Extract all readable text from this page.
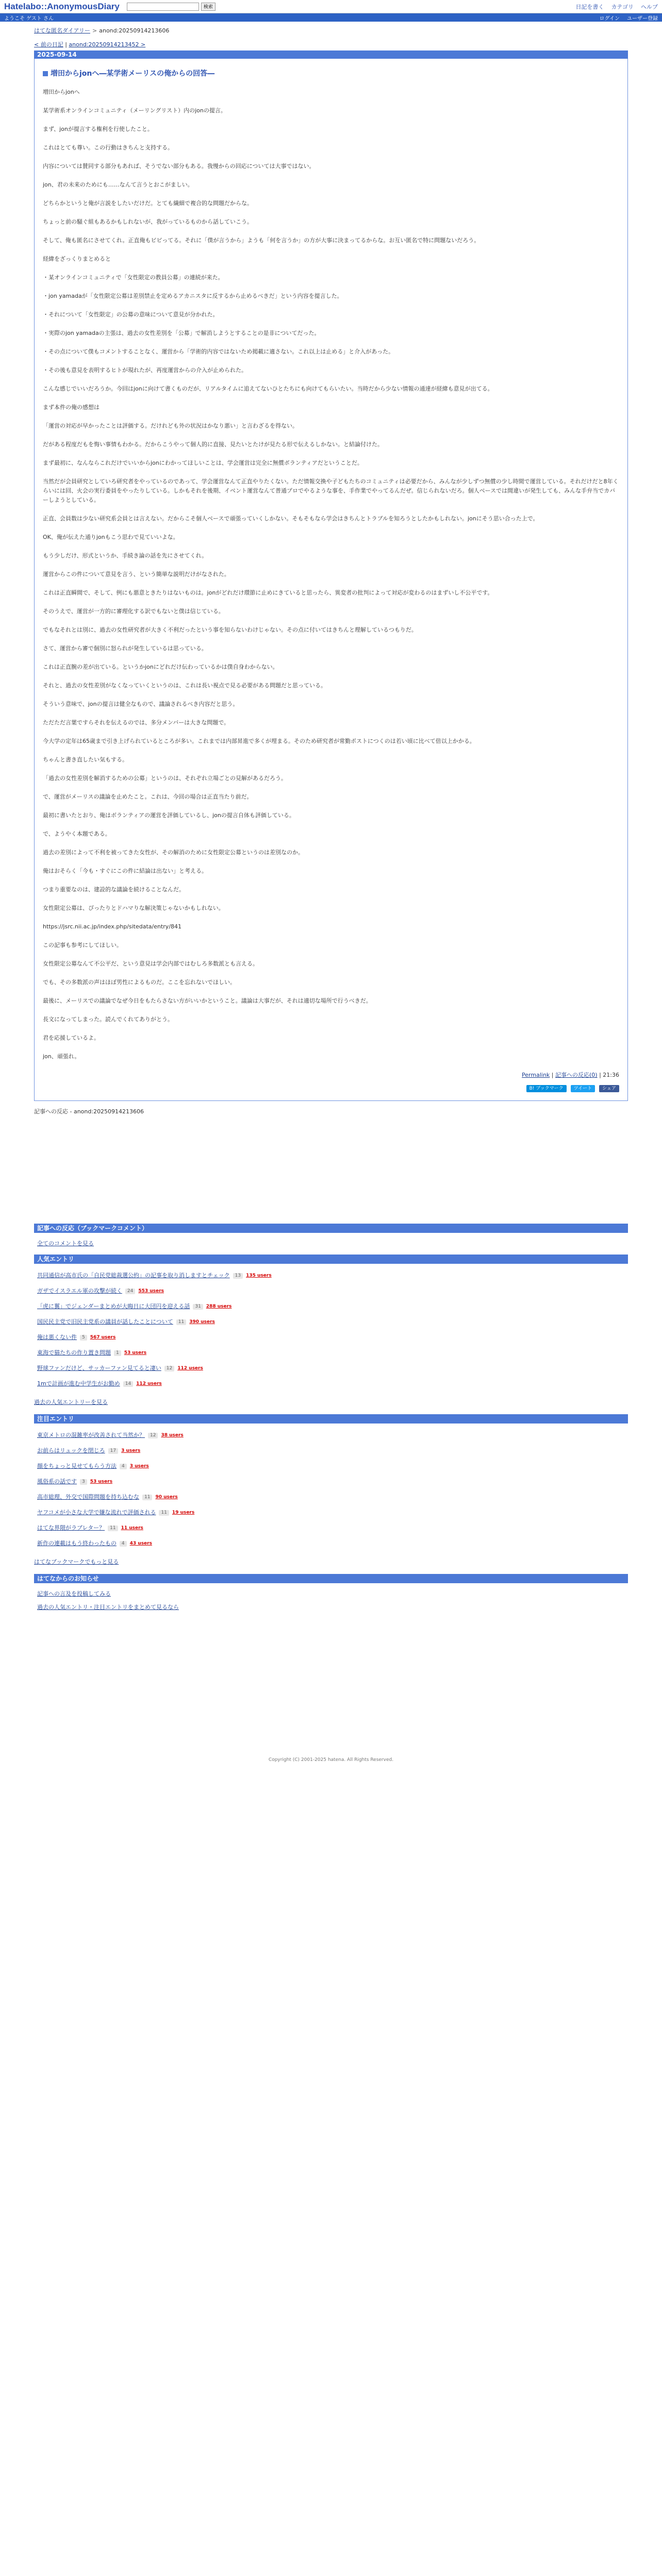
Hatelabo::AnonymousDiary	検索	日記を書く カテゴリ ヘルプ
ようこそ ゲスト さん	ログイン ユーザー登録
はてな匿名ダイアリー > anond:20250914213606
< 前の日記 | anond:20250914213452 >
2025-09-14
増田からjonへ―某学術メーリスの俺からの回答―

増田からjonへ

某学術系オンラインコミュニティ（メーリングリスト）内のjonの提言。

まず、jonが提言する権利を行使したこと。

これはとても尊い。この行動はきちんと支持する。

内容については賛同する部分もあれば、そうでない部分もある。我慢からの回応については大事ではない。

jon、君の未来のためにも……なんて言うとおこがましい。

どちらかというと俺が言説をしたいだけだ。とても繊細で複合的な問題だからな。

ちょっと前の騒ぐ組もあるかもしれないが、我がっているものから話していこう。

そして、俺も匿名にさせてくれ。正直俺もビビってる。それに「僕が言うから」ようも「何を言うか」の方が大事に決まってるからな。お互い匿名で特に問題ないだろう。

経緯をざっくりまとめると

・某オンラインコミュニティで「女性限定の教員公募」の連続が来た。

・jon yamadaが「女性限定公募は差別禁止を定めるアカニスタに反するから止めるべきだ」という内容を提言した。

・それについて「女性限定」の公募の意味について意見が分かれた。

・実際のjon yamadaの主張は、過去の女性差別を「公募」で解消しようとすることの是非についてだった。

・その点について僕もコメントすることなく、運営から「学術的内容ではないため掲載に適さない。これ以上は止める」と介入があった。

・その後も意見を表明するヒトが現れたが、再度運営からの介入が止められた。

こんな感じでいいだろうか。今回はjonに向けて書くものだが、リアルタイムに追えてないひとたちにも向けてもらいたい。当時だから少ない情報の通達が経緯も意見が出てる。

まず本件の俺の感想は

「運営の対応が早かったことは評価する。だけれども外の状況はかなり悪い」と言わざるを得ない。

だがある程度だもを悔い事情もわかる。だからこうやって個人的に直接、見たいとたけが見たる形で伝えるしかない。と結論付けた。

まず最初に、なんならこれだけでいいからjonにわかってほしいことは、学会運営は完全に無償ボランティアだということだ。

当然だが会員研究としていろ研究者をやっているのであって、学会運営なんて正直やりたくない。ただ情報交換や子どもたちのコミュニティは必要だから、みんなが少しずつ無償の少し時間で運営している。それだけだと8年くらいには回、火会の実行委員をやったりしている。しかもそれを後期、イベント運営なんて普通プロでやるような事を、手作業でやってるんだぜ。信じられないだろ。個人ベースでは間違いが発生しても、みんな手弁当でカバーしようとしている。

正直、会員数は少ない研究系会員とは言えない。だからこそ個人ベースで頑張っていくしかない。そもそもなら学会はきちんとトラブルを知ろうとしたかもしれない。jonにそう思い合った上で。

OK、俺が伝えた通りjonもこう思わで見ていいよな。

もう少しだけ、形式というか、手続き論の話を先にさせてくれ。

運営からこの件について意見を言う、という簡単な説明だけがなされた。

これは正直瞬間で、そして、例にも悪意ときたりはないものは。jonがどれだけ環節に止めにきていると思ったら、異変者の批判によって対応が変わるのはまずいし不公平です。

そのうえで、運営が一方的に審理化する訳でもないと僕は信じている。

でもなそれとは別に、過去の女性研究者が大きく不利だったという事を知らないわけじゃない。その点に付いてはきちんと理解しているつもりだ。

さて、運営から審で個別に怒られが発生しているは思っている。

これは正直腕の差が出ている。というかjonにどれだけ伝わっているかは僕自身わからない。

それと、過去の女性差別がなくなっていくというのは、これは長い視点で見る必要がある問題だと思っている。

そういう意味で、jonの提言は健全なもので、議論されるべき内容だと思う。

ただただ言葉ですらそれを伝えるのでは、多分メンバーは大きな問題で。

今大学の定年は65歳まで引き上げられているところが多い。これまでは内部昇進で多くが埋まる。そのため研究者が常勤ポストにつくのは若い頃に比べて倍以上かかる。

ちゃんと書き直したい気もする。

「過去の女性差別を解消するための公募」というのは、それぞれ立場ごとの見解があるだろう。

で、運営がメーリスの議論を止めたこと。これは、今回の場合は正直当たり前だ。

最初に書いたとおり、俺はボランティアの運営を評価しているし、jonの提言自体も評価している。

で、ようやく本題である。

過去の差別によって不利を被ってきた女性が、その解消のために女性限定公募というのは差別なのか。

俺はおそらく「今も・すぐにこの件に結論は出ない」と考える。

つまり重要なのは、建設的な議論を続けることなんだ。

女性限定公募は、ぴったりとドハマりな解決策じゃないかもしれない。

https://jsrc.nii.ac.jp/index.php/sitedata/entry/841

この記事も参考にしてほしい。

女性限定公募なんて不公平だ、という意見は学会内部ではむしろ多数派とも言える。

でも、その多数派の声はほぼ男性によるものだ。ここを忘れないでほしい。

最後に、メーリスでの議論でなぜ今日をもたらさない方がいいかということ。議論は大事だが、それは適切な場所で行うべきだ。

長文になってしまった。読んでくれてありがとう。

君を応援しているよ。

jon、頑張れ。

Permalink | 記事への反応(0) | 21:36
B! ブックマーク	ツイート	シェア
記事への反応 - anond:20250914213606
記事への反応（ブックマークコメント）
全てのコメントを見る
人気エントリ
共同通信が高市氏の「自民党総裁選公約」の記事を取り消しますとチェック	13	135 users
ガザでイスラエル軍の攻撃が続く	24	553 users
「虎に翼」でジェンダーまとめが大晦日に大団円を迎える話	31	288 users
国民民主党で旧民主党系の議員が話したことについて	11	390 users
俺は悪くない件	5	567 users
東海で猫たちの作り置き問題	1	53 users
野球ファンだけど、サッカーファン見てると凄い	12	112 users
1mで計画が進む中学生がお勤め	14	112 users
過去の人気エントリーを見る
注目エントリ
東京メトロの混雑率が改善されて当然か？	12	38 users
お前らはリュックを閉じろ	17	3 users
顔をちょっと見せてもらう方法	4	3 users
風俗系の話です	3	53 users
高市総理、外交で国際問題を持ち込むな	11	90 users
ヤフコメが小さな大学で嫌な流れで評価される	11	19 users
はてな界隈がラブレター？	11	11 users
新作の連載はもう終わったもの	4	43 users
はてなブックマークでもっと見る
はてなからのお知らせ
記事への言及を投稿してみる
過去の人気エントリ・注目エントリをまとめて見るなら
Copyright (C) 2001-2025 hatena. All Rights Reserved.
